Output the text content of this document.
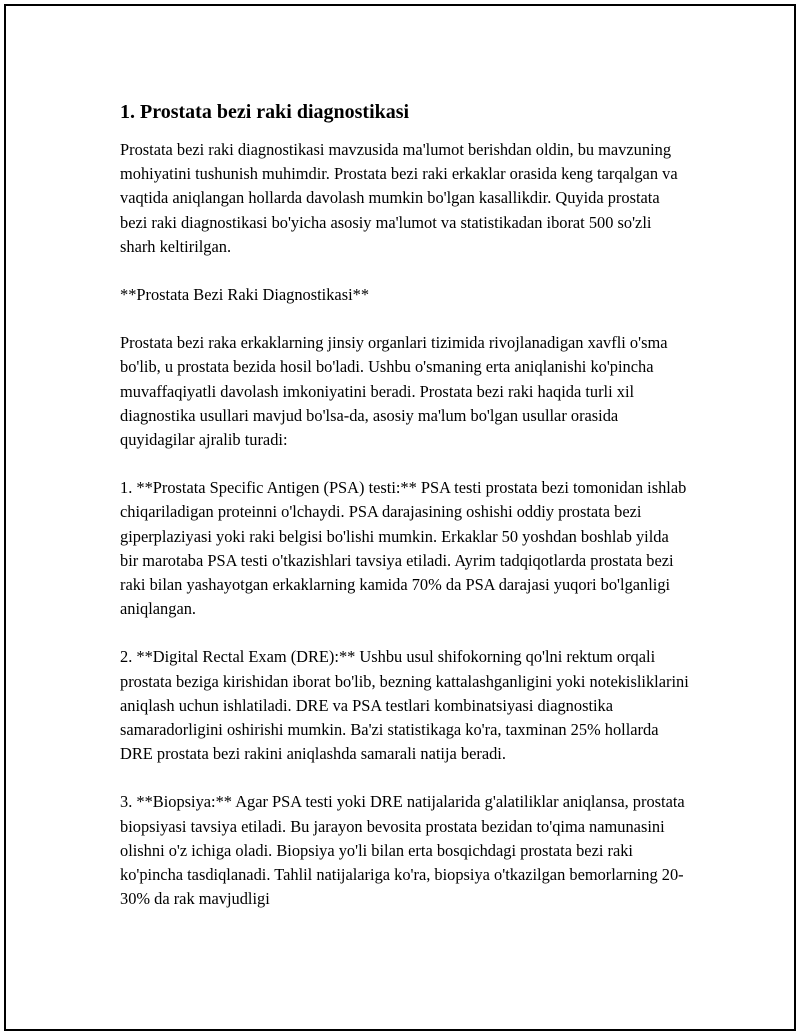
1. Prostata bezi raki diagnostikasi

Prostata bezi raki diagnostikasi mavzusida ma'lumot berishdan oldin, bu mavzuning mohiyatini tushunish muhimdir. Prostata bezi raki erkaklar orasida keng tarqalgan va vaqtida aniqlangan hollarda davolash mumkin bo'lgan kasallikdir. Quyida prostata bezi raki diagnostikasi bo'yicha asosiy ma'lumot va statistikadan iborat 500 so'zli sharh keltirilgan.

**Prostata Bezi Raki Diagnostikasi**

Prostata bezi raka erkaklarning jinsiy organlari tizimida rivojlanadigan xavfli o'sma bo'lib, u prostata bezida hosil bo'ladi. Ushbu o'smaning erta aniqlanishi ko'pincha muvaffaqiyatli davolash imkoniyatini beradi. Prostata bezi raki haqida turli xil diagnostika usullari mavjud bo'lsa-da, asosiy ma'lum bo'lgan usullar orasida quyidagilar ajralib turadi:

1. **Prostata Specific Antigen (PSA) testi:** PSA testi prostata bezi tomonidan ishlab chiqariladigan proteinni o'lchaydi. PSA darajasining oshishi oddiy prostata bezi giperplaziyasi yoki raki belgisi bo'lishi mumkin. Erkaklar 50 yoshdan boshlab yilda bir marotaba PSA testi o'tkazishlari tavsiya etiladi. Ayrim tadqiqotlarda prostata bezi raki bilan yashayotgan erkaklarning kamida 70% da PSA darajasi yuqori bo'lganligi aniqlangan.

2. **Digital Rectal Exam (DRE):** Ushbu usul shifokorning qo'lni rektum orqali prostata beziga kirishidan iborat bo'lib, bezning kattalashganligini yoki notekisliklarini aniqlash uchun ishlatiladi. DRE va PSA testlari kombinatsiyasi diagnostika samaradorligini oshirishi mumkin. Ba'zi statistikaga ko'ra, taxminan 25% hollarda DRE prostata bezi rakini aniqlashda samarali natija beradi.

3. **Biopsiya:** Agar PSA testi yoki DRE natijalarida g'alatiliklar aniqlansa, prostata biopsiyasi tavsiya etiladi. Bu jarayon bevosita prostata bezidan to'qima namunasini olishni o'z ichiga oladi. Biopsiya yo'li bilan erta bosqichdagi prostata bezi raki ko'pincha tasdiqlanadi. Tahlil natijalariga ko'ra, biopsiya o'tkazilgan bemorlarning 20-30% da rak mavjudligi
